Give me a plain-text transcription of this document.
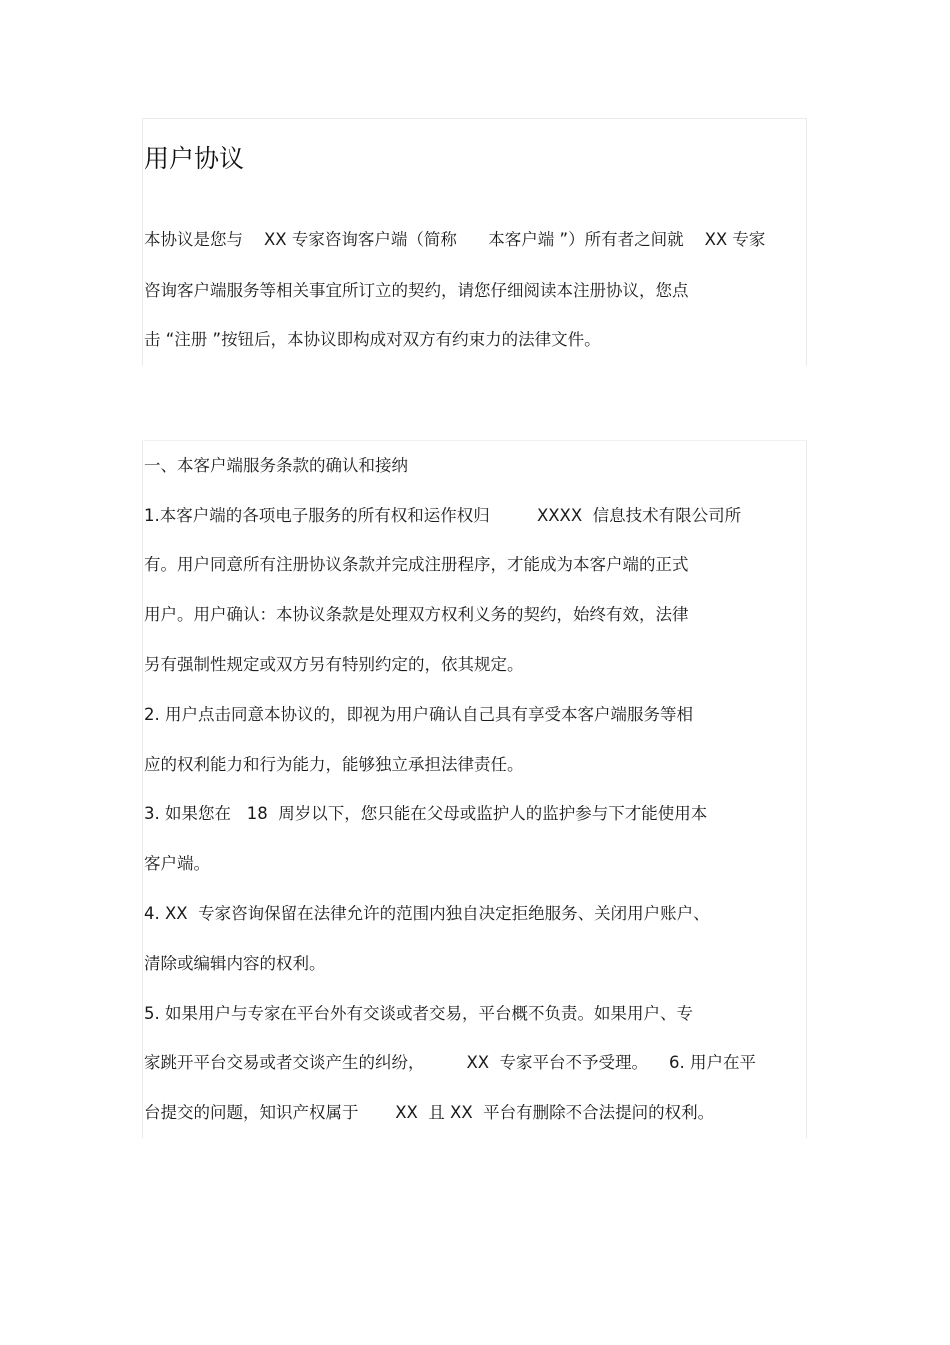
用户协议

本协议是您与    XX 专家咨询客户端（简称      本客户端 ”）所有者之间就    XX 专家

咨询客户端服务等相关事宜所订立的契约，请您仔细阅读本注册协议，您点

击 “注册 ”按钮后，本协议即构成对双方有约束力的法律文件。

一、本客户端服务条款的确认和接纳

1.本客户端的各项电子服务的所有权和运作权归         XXXX  信息技术有限公司所

有。用户同意所有注册协议条款并完成注册程序，才能成为本客户端的正式

用户。用户确认：本协议条款是处理双方权利义务的契约，始终有效，法律

另有强制性规定或双方另有特别约定的，依其规定。

2. 用户点击同意本协议的，即视为用户确认自己具有享受本客户端服务等相

应的权利能力和行为能力，能够独立承担法律责任。

3. 如果您在   18  周岁以下，您只能在父母或监护人的监护参与下才能使用本

客户端。

4. XX  专家咨询保留在法律允许的范围内独自决定拒绝服务、关闭用户账户、

清除或编辑内容的权利。

5. 如果用户与专家在平台外有交谈或者交易，平台概不负责。如果用户、专

家跳开平台交易或者交谈产生的纠纷，        XX  专家平台不予受理。    6. 用户在平

台提交的问题，知识产权属于       XX  且 XX  平台有删除不合法提问的权利。
